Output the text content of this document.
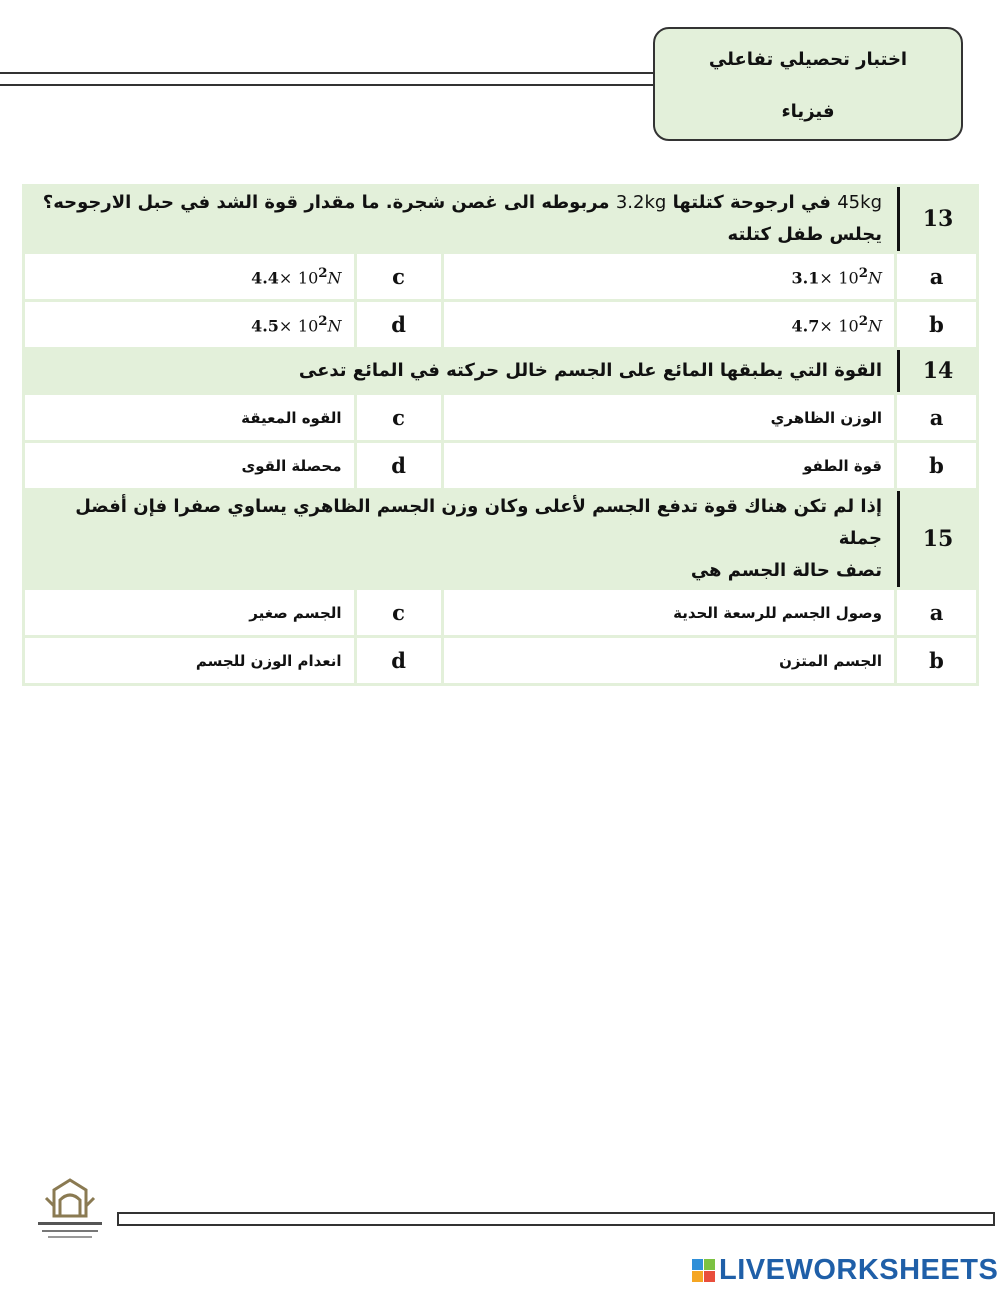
اختبار تحصيلي تفاعلي
فيزياء
13	45kg في ارجوحة كتلتها 3.2kg مربوطه الى غصن شجرة. ما مقدار قوة الشد في حبل الارجوحه؟
يجلس طفل كتلته		

a	$3.1\times 10^2N$	c	$4.4\times 10^2N$
b	$4.7\times 10^2N$	d	$4.5\times 10^2N$
14	القوة التي يطبقها المائع على الجسم خالل حركته في المائع تدعى		
a	الوزن الظاهري	c	القوه المعيقة
b	قوة الطفو	d	محصلة القوى
15	إذا لم تكن هناك قوة تدفع الجسم لأعلى وكان وزن الجسم الظاهري يساوي صفرا فإن أفضل جملة
تصف حالة الجسم هي		

a	وصول الجسم للرسعة الحدية	c	الجسم صغير
b	الجسم المتزن	d	انعدام الوزن للجسم
LIVEWORKSHEETS
